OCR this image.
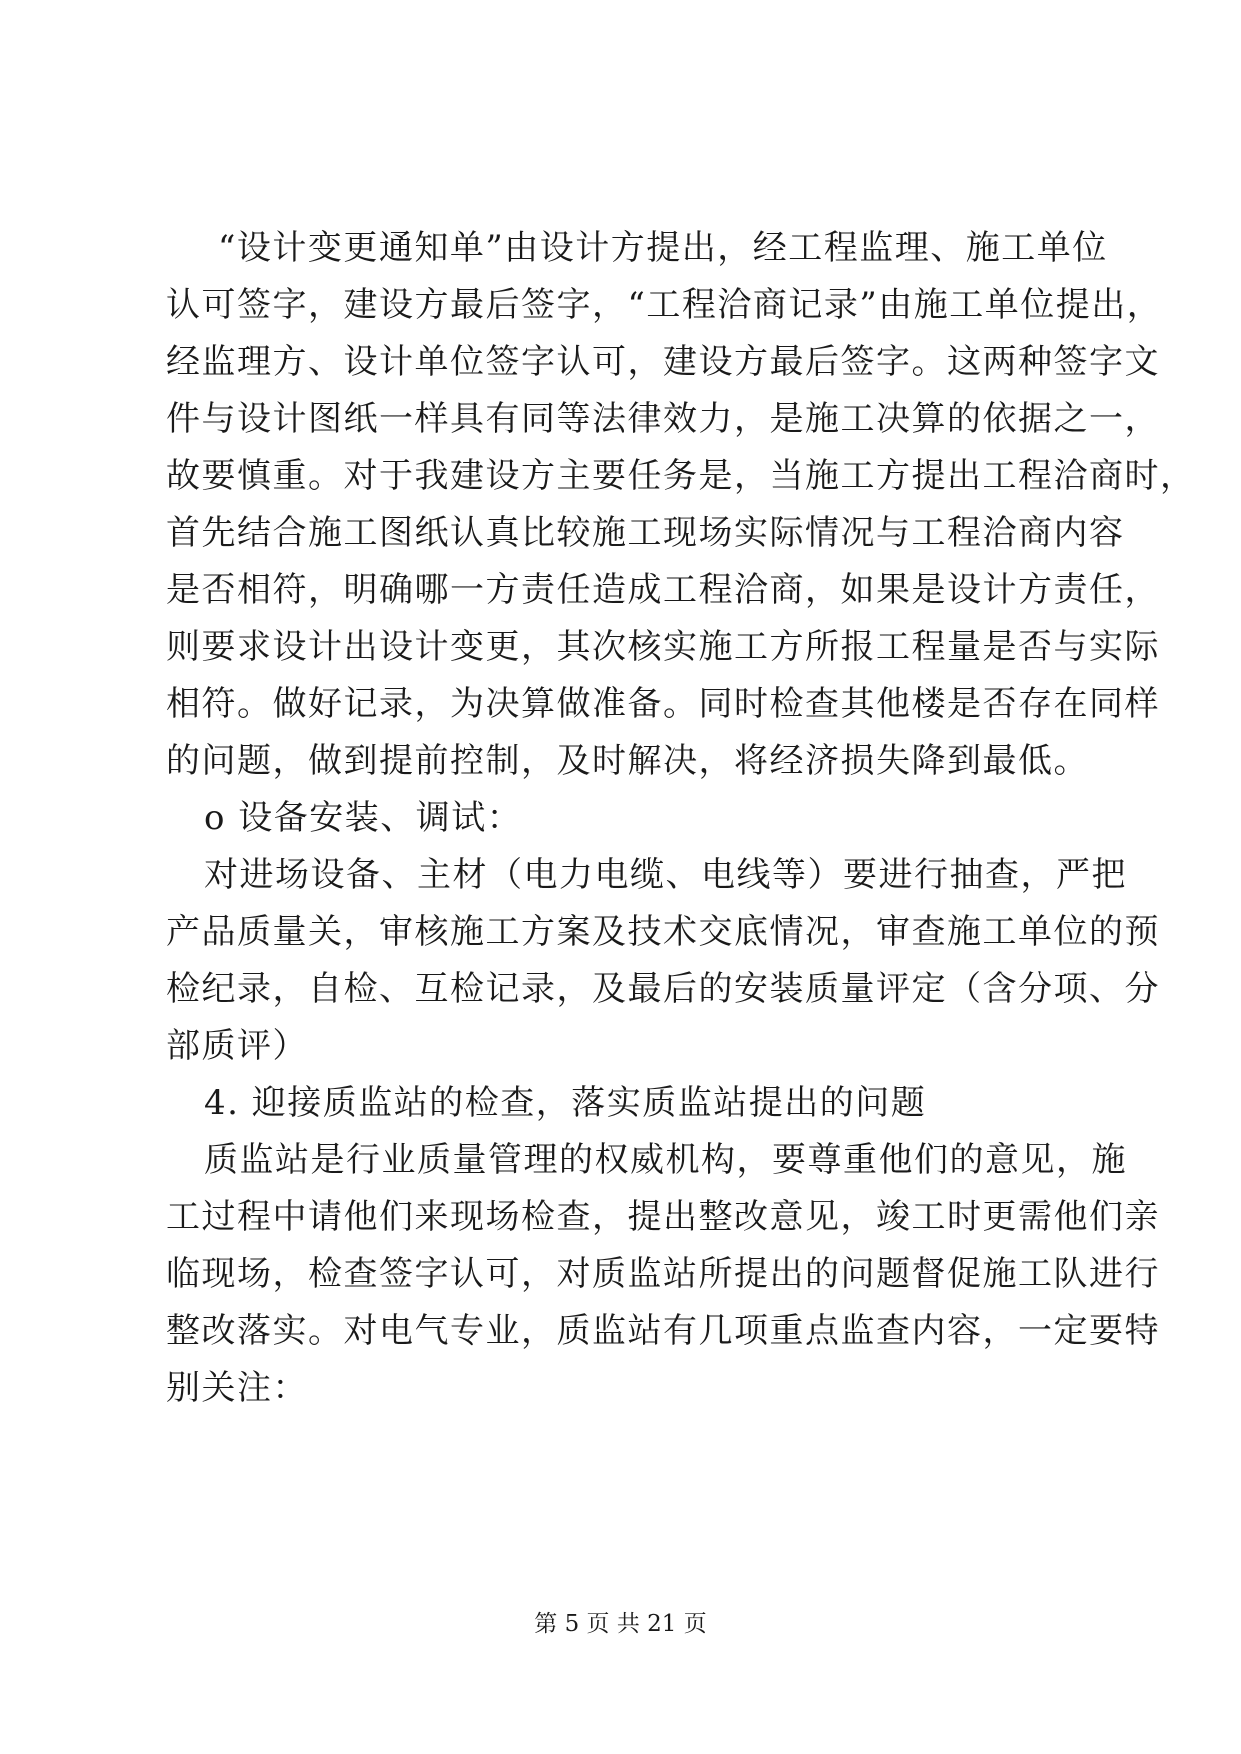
“设计变更通知单”由设计方提出，经工程监理、施工单位
认可签字，建设方最后签字，“工程洽商记录”由施工单位提出，
经监理方、设计单位签字认可，建设方最后签字。这两种签字文
件与设计图纸一样具有同等法律效力，是施工决算的依据之一，
故要慎重。对于我建设方主要任务是，当施工方提出工程洽商时，
首先结合施工图纸认真比较施工现场实际情况与工程洽商内容
是否相符，明确哪一方责任造成工程洽商，如果是设计方责任，
则要求设计出设计变更，其次核实施工方所报工程量是否与实际
相符。做好记录，为决算做准备。同时检查其他楼是否存在同样
的问题，做到提前控制，及时解决，将经济损失降到最低。
o 设备安装、调试：
对进场设备、主材（电力电缆、电线等）要进行抽查，严把
产品质量关，审核施工方案及技术交底情况，审查施工单位的预
检纪录，自检、互检记录，及最后的安装质量评定（含分项、分
部质评）
4. 迎接质监站的检查，落实质监站提出的问题
质监站是行业质量管理的权威机构，要尊重他们的意见，施
工过程中请他们来现场检查，提出整改意见，竣工时更需他们亲
临现场，检查签字认可，对质监站所提出的问题督促施工队进行
整改落实。对电气专业，质监站有几项重点监查内容，一定要特
别关注：
第 5 页 共 21 页
